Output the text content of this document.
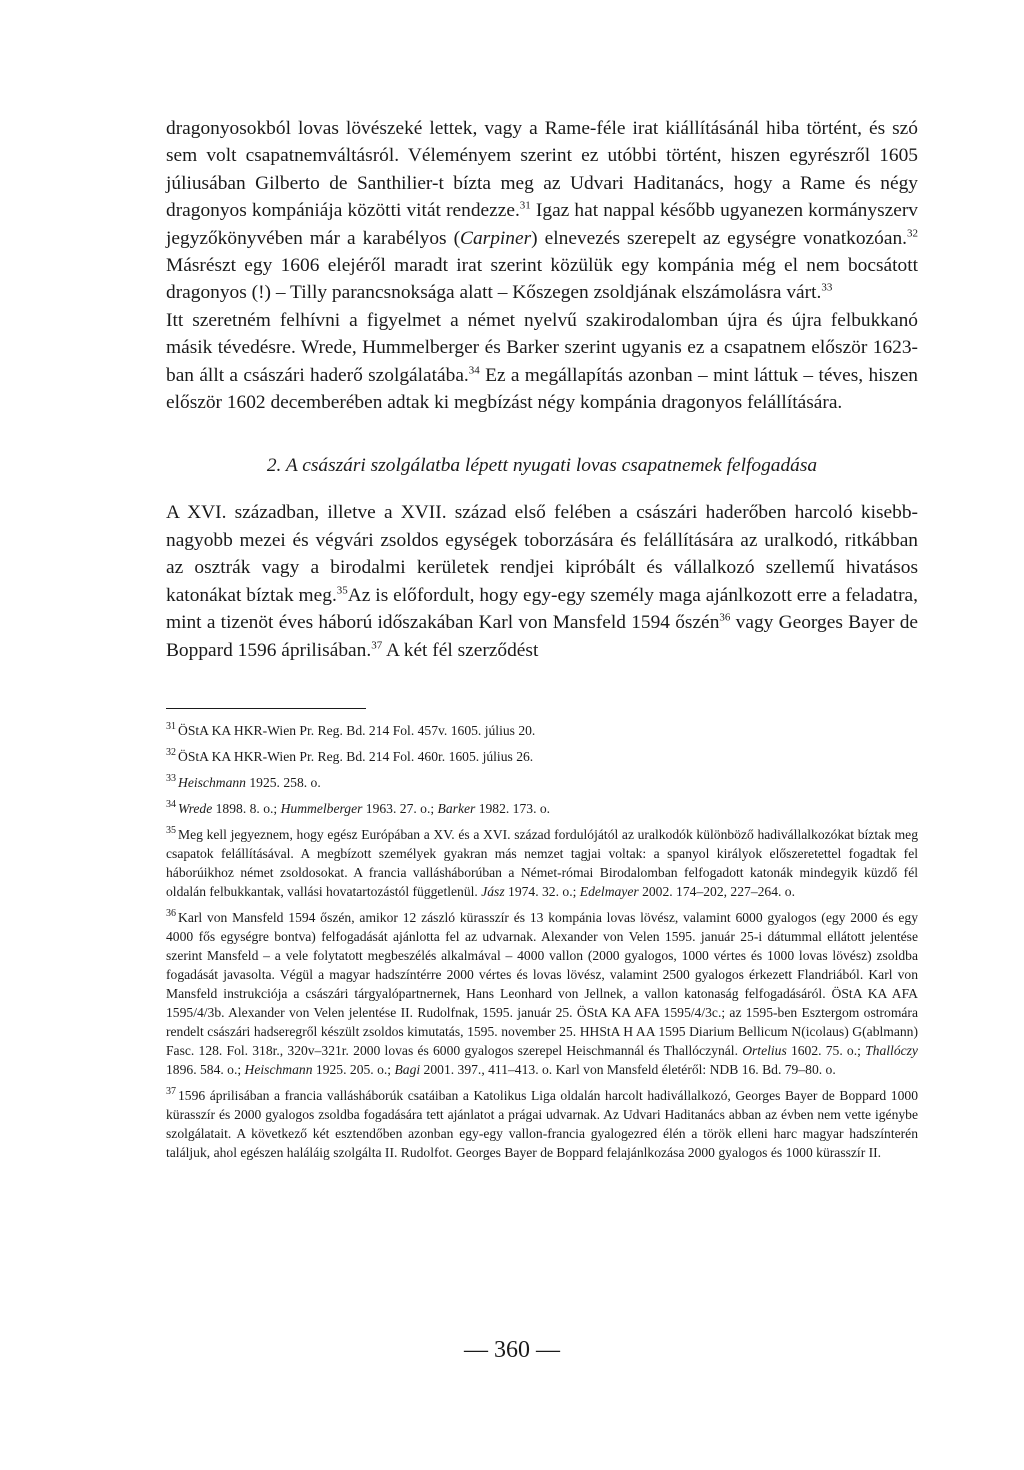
dragonyosokból lovas lövészeké lettek, vagy a Rame-féle irat kiállításánál hiba történt, és szó sem volt csapatnemváltásról. Véleményem szerint ez utóbbi történt, hiszen egyrészről 1605 júliusában Gilberto de Santhilier-t bízta meg az Udvari Haditanács, hogy a Rame és négy dragonyos kompániája közötti vitát rendezze.$^{31}$ Igaz hat nappal később ugyanezen kormányszerv jegyzőkönyvében már a karabélyos (Carpiner) elnevezés szerepelt az egységre vonatkozóan.$^{32}$ Másrészt egy 1606 elejéről maradt irat szerint közülük egy kompánia még el nem bocsátott dragonyos (!) – Tilly parancsnoksága alatt – Kőszegen zsoldjának elszámolásra várt.$^{33}$

Itt szeretném felhívni a figyelmet a német nyelvű szakirodalomban újra és újra felbukkanó másik tévedésre. Wrede, Hummelberger és Barker szerint ugyanis ez a csapatnem először 1623-ban állt a császári haderő szolgálatába.$^{34}$ Ez a megállapítás azonban – mint láttuk – téves, hiszen először 1602 decemberében adtak ki megbízást négy kompánia dragonyos felállítására.

2. A császári szolgálatba lépett nyugati lovas csapatnemek felfogadása

A XVI. században, illetve a XVII. század első felében a császári haderőben harcoló kisebb-nagyobb mezei és végvári zsoldos egységek toborzására és felállítására az uralkodó, ritkábban az osztrák vagy a birodalmi kerületek rendjei kipróbált és vállalkozó szellemű hivatásos katonákat bíztak meg.$^{35}$Az is előfordult, hogy egy-egy személy maga ajánlkozott erre a feladatra, mint a tizenöt éves háború időszakában Karl von Mansfeld 1594 őszén$^{36}$ vagy Georges Bayer de Boppard 1596 áprilisában.$^{37}$ A két fél szerződést

$^{31}$ ÖStA KA HKR-Wien Pr. Reg. Bd. 214 Fol. 457v. 1605. július 20.

$^{32}$ ÖStA KA HKR-Wien Pr. Reg. Bd. 214 Fol. 460r. 1605. július 26.

$^{33}$ Heischmann 1925. 258. o.

$^{34}$ Wrede 1898. 8. o.; Hummelberger 1963. 27. o.; Barker 1982. 173. o.

$^{35}$ Meg kell jegyeznem, hogy egész Európában a XV. és a XVI. század fordulójától az uralkodók különböző hadivállalkozókat bíztak meg csapatok felállításával. A megbízott személyek gyakran más nemzet tagjai voltak: a spanyol királyok előszeretettel fogadtak fel háborúikhoz német zsoldosokat. A francia vallásháborúban a Német-római Birodalomban felfogadott katonák mindegyik küzdő fél oldalán felbukkantak, vallási hovatartozástól függetlenül. Jász 1974. 32. o.; Edelmayer 2002. 174–202, 227–264. o.

$^{36}$ Karl von Mansfeld 1594 őszén, amikor 12 zászló kürasszír és 13 kompánia lovas lövész, valamint 6000 gyalogos (egy 2000 és egy 4000 fős egységre bontva) felfogadását ajánlotta fel az udvarnak. Alexander von Velen 1595. január 25-i dátummal ellátott jelentése szerint Mansfeld – a vele folytatott megbeszélés alkalmával – 4000 vallon (2000 gyalogos, 1000 vértes és 1000 lovas lövész) zsoldba fogadását javasolta. Végül a magyar hadszíntérre 2000 vértes és lovas lövész, valamint 2500 gyalogos érkezett Flandriából. Karl von Mansfeld instrukciója a császári tárgyalópartnernek, Hans Leonhard von Jellnek, a vallon katonaság felfogadásáról. ÖStA KA AFA 1595/4/3b. Alexander von Velen jelentése II. Rudolfnak, 1595. január 25. ÖStA KA AFA 1595/4/3c.; az 1595-ben Esztergom ostromára rendelt császári hadseregről készült zsoldos kimutatás, 1595. november 25. HHStA H AA 1595 Diarium Bellicum N(icolaus) G(ablmann) Fasc. 128. Fol. 318r., 320v–321r. 2000 lovas és 6000 gyalogos szerepel Heischmannál és Thallóczynál. Ortelius 1602. 75. o.; Thallóczy 1896. 584. o.; Heischmann 1925. 205. o.; Bagi 2001. 397., 411–413. o. Karl von Mansfeld életéről: NDB 16. Bd. 79–80. o.

$^{37}$ 1596 áprilisában a francia vallásháborúk csatáiban a Katolikus Liga oldalán harcolt hadivállalkozó, Georges Bayer de Boppard 1000 kürasszír és 2000 gyalogos zsoldba fogadására tett ajánlatot a prágai udvarnak. Az Udvari Haditanács abban az évben nem vette igénybe szolgálatait. A következő két esztendőben azonban egy-egy vallon-francia gyalogezred élén a török elleni harc magyar hadszínterén találjuk, ahol egészen haláláig szolgálta II. Rudolfot. Georges Bayer de Boppard felajánlkozása 2000 gyalogos és 1000 kürasszír II.

— 360 —
